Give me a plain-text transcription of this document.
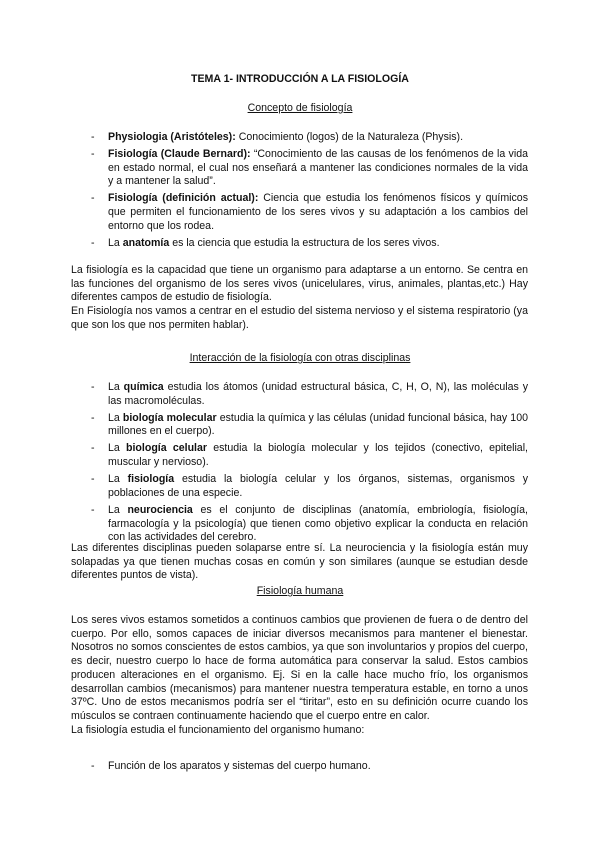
TEMA 1- INTRODUCCIÓN A LA FISIOLOGÍA
Concepto de fisiología
- Physiologia (Aristóteles): Conocimiento (logos) de la Naturaleza (Physis).
- Fisiología (Claude Bernard): “Conocimiento de las causas de los fenómenos de la vida en estado normal, el cual nos enseñará a mantener las condiciones normales de la vida y a mantener la salud”.
- Fisiología (definición actual): Ciencia que estudia los fenómenos físicos y químicos que permiten el funcionamiento de los seres vivos y su adaptación a los cambios del entorno que los rodea.
- La anatomía es la ciencia que estudia la estructura de los seres vivos.

La fisiología es la capacidad que tiene un organismo para adaptarse a un entorno. Se centra en las funciones del organismo de los seres vivos (unicelulares, virus, animales, plantas,etc.) Hay diferentes campos de estudio de fisiología.

En Fisiología nos vamos a centrar en el estudio del sistema nervioso y el sistema respiratorio (ya que son los que nos permiten hablar).

Interacción de la fisiología con otras disciplinas
- La química estudia los átomos (unidad estructural básica, C, H, O, N), las moléculas y las macromoléculas.
- La biología molecular estudia la química y las células (unidad funcional básica, hay 100 millones en el cuerpo).
- La biología celular estudia la biología molecular y los tejidos (conectivo, epitelial, muscular y nervioso).
- La fisiología estudia la biología celular y los órganos, sistemas, organismos y poblaciones de una especie.
- La neurociencia es el conjunto de disciplinas (anatomía, embriología, fisiología, farmacología y la psicología) que tienen como objetivo explicar la conducta en relación con las actividades del cerebro.

Las diferentes disciplinas pueden solaparse entre sí. La neurociencia y la fisiología están muy solapadas ya que tienen muchas cosas en común y son similares (aunque se estudian desde diferentes puntos de vista).

Fisiología humana

Los seres vivos estamos sometidos a continuos cambios que provienen de fuera o de dentro del cuerpo. Por ello, somos capaces de iniciar diversos mecanismos para mantener el bienestar. Nosotros no somos conscientes de estos cambios, ya que son involuntarios y propios del cuerpo, es decir, nuestro cuerpo lo hace de forma automática para conservar la salud. Estos cambios producen alteraciones en el organismo. Ej. Si en la calle hace mucho frío, los organismos desarrollan cambios (mecanismos) para mantener nuestra temperatura estable, en torno a unos 37ºC. Uno de estos mecanismos podría ser el “tiritar”, esto en su definición ocurre cuando los músculos se contraen continuamente haciendo que el cuerpo entre en calor.

La fisiología estudia el funcionamiento del organismo humano:

- Función de los aparatos y sistemas del cuerpo humano.
